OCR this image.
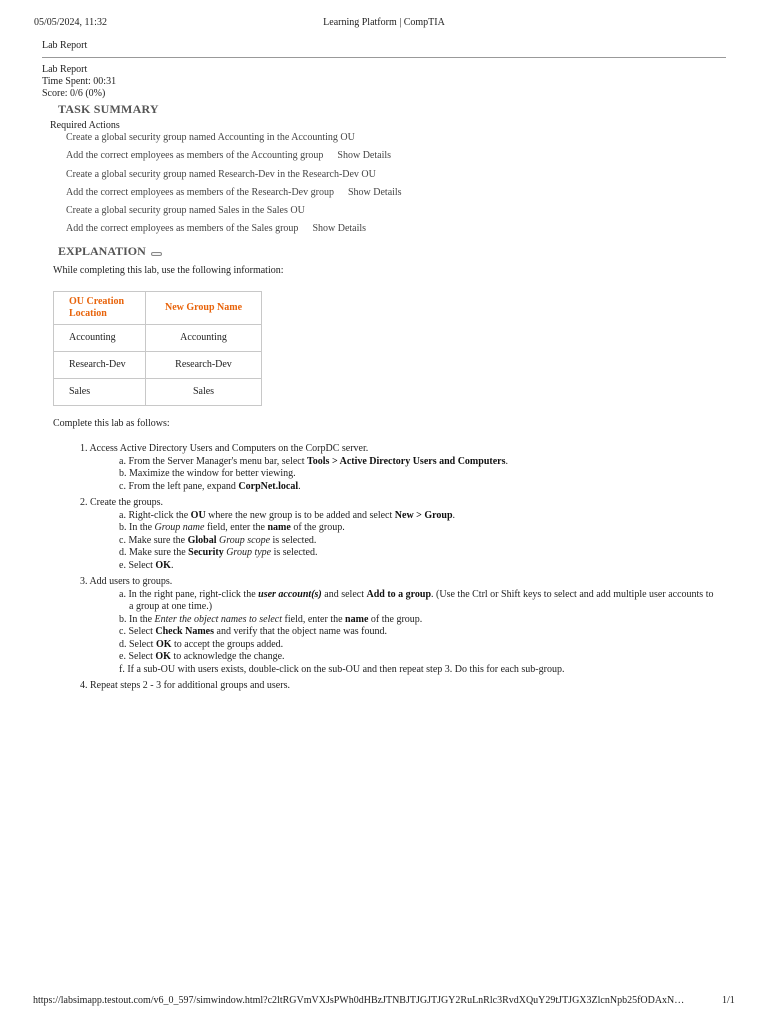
05/05/2024, 11:32	Learning Platform | CompTIA
Lab Report
Lab Report
Time Spent: 00:31
Score: 0/6 (0%)
TASK SUMMARY
Required Actions
Create a global security group named Accounting in the Accounting OU
Add the correct employees as members of the Accounting group Show Details
Create a global security group named Research-Dev in the Research-Dev OU
Add the correct employees as members of the Research-Dev group Show Details
Create a global security group named Sales in the Sales OU
Add the correct employees as members of the Sales group Show Details
EXPLANATION
While completing this lab, use the following information:
OU Creation Location	New Group Name
Accounting	Accounting
Research-Dev	Research-Dev
Sales	Sales
Complete this lab as follows:
1. Access Active Directory Users and Computers on the CorpDC server.
a. From the Server Manager's menu bar, select Tools > Active Directory Users and Computers.
b. Maximize the window for better viewing.
c. From the left pane, expand CorpNet.local.
2. Create the groups.
a. Right-click the OU where the new group is to be added and select New > Group.
b. In the Group name field, enter the name of the group.
c. Make sure the Global Group scope is selected.
d. Make sure the Security Group type is selected.
e. Select OK.
3. Add users to groups.
a. In the right pane, right-click the user account(s) and select Add to a group. (Use the Ctrl or Shift keys to select and add multiple user accounts to a group at one time.)
b. In the Enter the object names to select field, enter the name of the group.
c. Select Check Names and verify that the object name was found.
d. Select OK to accept the groups added.
e. Select OK to acknowledge the change.
f. If a sub-OU with users exists, double-click on the sub-OU and then repeat step 3. Do this for each sub-group.
4. Repeat steps 2 - 3 for additional groups and users.
https://labsimapp.testout.com/v6_0_597/simwindow.html?c2ltRGVmVXJsPWh0dHBzJTNBJTJGJTJGY2RuLnRlc3RvdXQuY29tJTJGX3ZlcnNpb25fODAxN…	1/1
